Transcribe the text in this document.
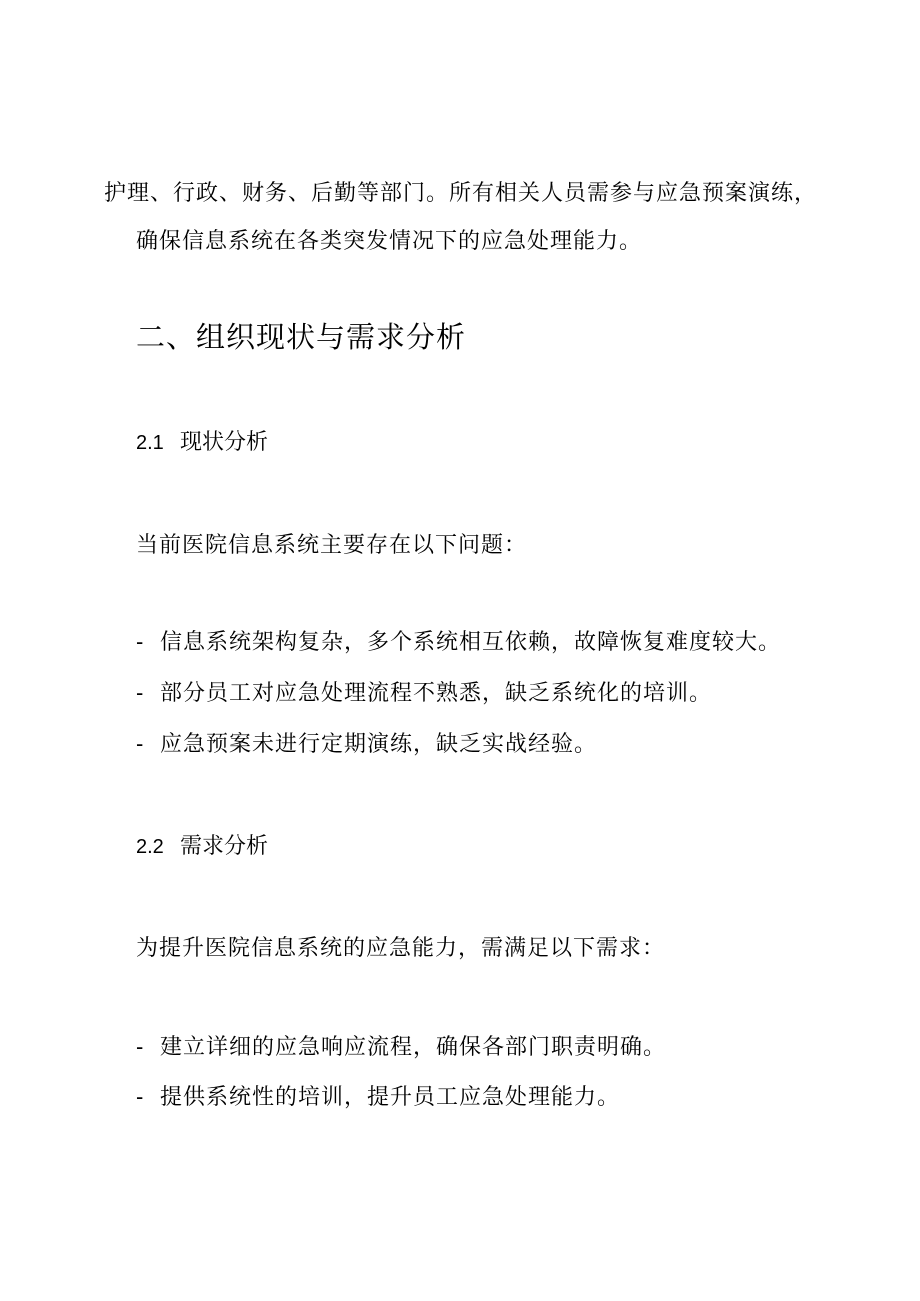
护理、行政、财务、后勤等部门。所有相关人员需参与应急预案演练，
确保信息系统在各类突发情况下的应急处理能力。
二、组织现状与需求分析
2.1 现状分析
当前医院信息系统主要存在以下问题：
- 信息系统架构复杂，多个系统相互依赖，故障恢复难度较大。
- 部分员工对应急处理流程不熟悉，缺乏系统化的培训。
- 应急预案未进行定期演练，缺乏实战经验。
2.2 需求分析
为提升医院信息系统的应急能力，需满足以下需求：
- 建立详细的应急响应流程，确保各部门职责明确。
- 提供系统性的培训，提升员工应急处理能力。
